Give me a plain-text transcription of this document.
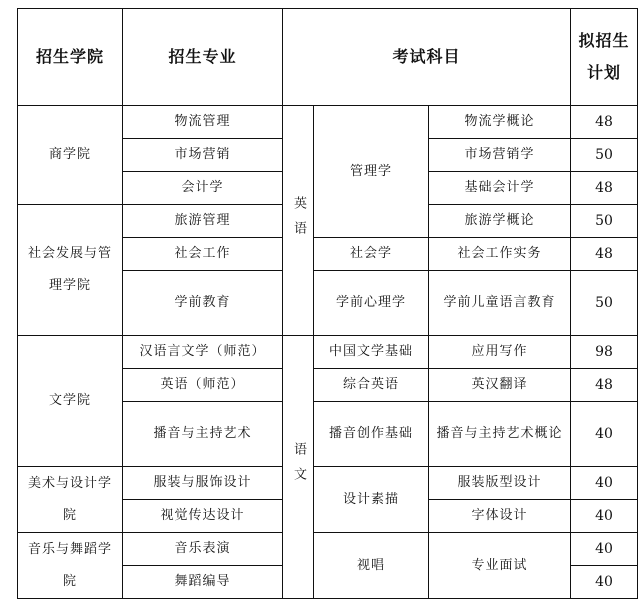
招生学院	招生专业	考试科目			拟招生计划
商学院	物流管理	英语	管理学	物流学概论	48
	市场营销			市场营销学	50
	会计学			基础会计学	48
社会发展与管理学院	旅游管理			旅游学概论	50
	社会工作		社会学	社会工作实务	48
	学前教育		学前心理学	学前儿童语言教育	50
文学院	汉语言文学（师范）	语文	中国文学基础	应用写作	98
	英语（师范）		综合英语	英汉翻译	48
	播音与主持艺术		播音创作基础	播音与主持艺术概论	40
美术与设计学院	服装与服饰设计		设计素描	服装版型设计	40
	视觉传达设计			字体设计	40
音乐与舞蹈学院	音乐表演		视唱	专业面试	40
	舞蹈编导				40
